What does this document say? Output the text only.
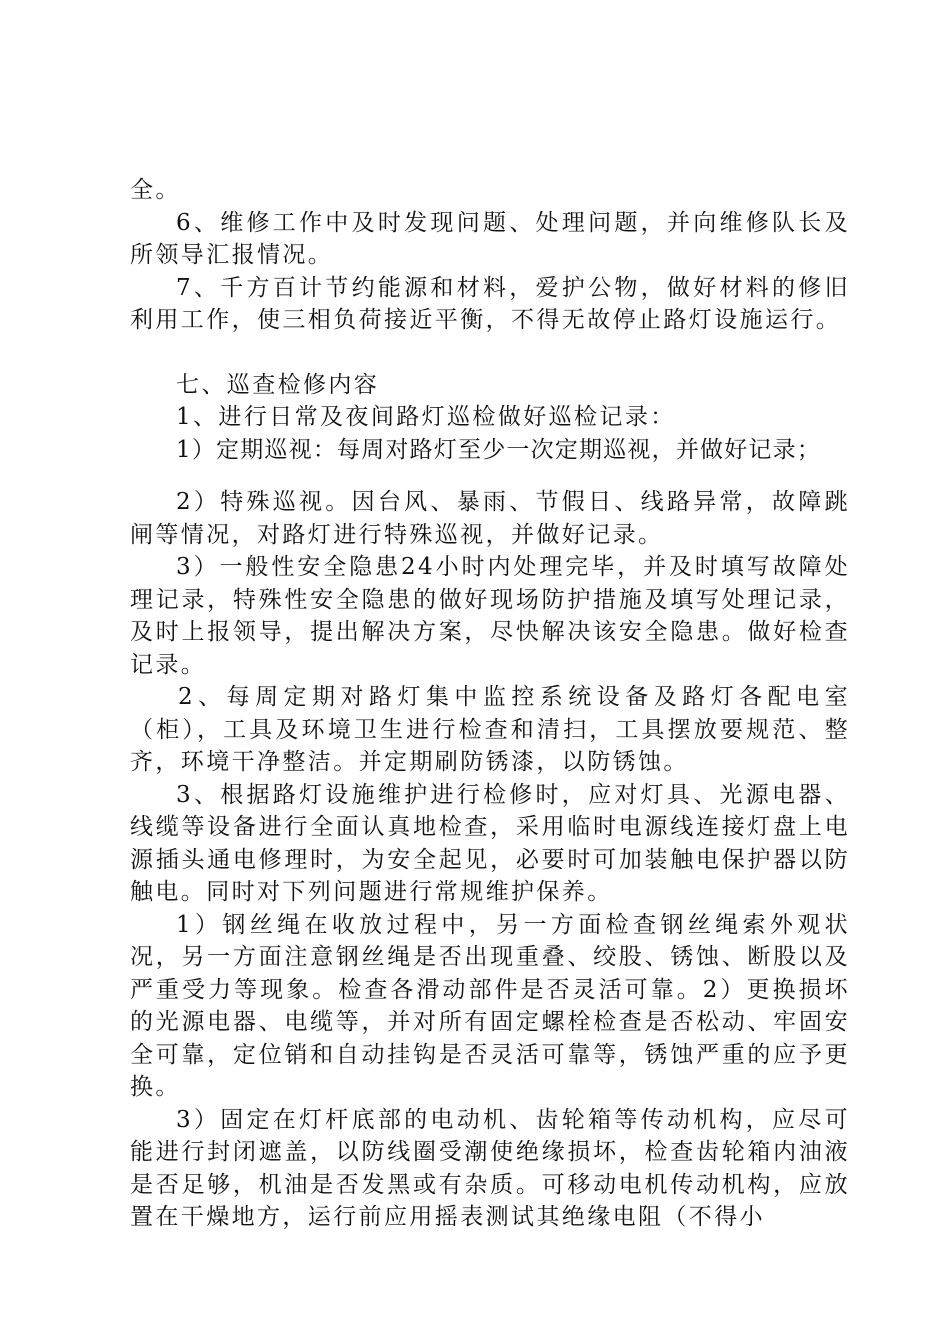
全。

6、维修工作中及时发现问题、处理问题，并向维修队长及所领导汇报情况。

7、千方百计节约能源和材料，爱护公物，做好材料的修旧利用工作，使三相负荷接近平衡，不得无故停止路灯设施运行。

七、巡查检修内容

1、进行日常及夜间路灯巡检做好巡检记录：

1）定期巡视：每周对路灯至少一次定期巡视，并做好记录；

2）特殊巡视。因台风、暴雨、节假日、线路异常，故障跳闸等情况，对路灯进行特殊巡视，并做好记录。

3）一般性安全隐患24小时内处理完毕，并及时填写故障处理记录，特殊性安全隐患的做好现场防护措施及填写处理记录，及时上报领导，提出解决方案，尽快解决该安全隐患。做好检查记录。

2、每周定期对路灯集中监控系统设备及路灯各配电室（柜），工具及环境卫生进行检查和清扫，工具摆放要规范、整齐，环境干净整洁。并定期刷防锈漆，以防锈蚀。

3、根据路灯设施维护进行检修时，应对灯具、光源电器、线缆等设备进行全面认真地检查，采用临时电源线连接灯盘上电源插头通电修理时，为安全起见，必要时可加装触电保护器以防触电。同时对下列问题进行常规维护保养。

1）钢丝绳在收放过程中，另一方面检查钢丝绳索外观状况，另一方面注意钢丝绳是否出现重叠、绞股、锈蚀、断股以及严重受力等现象。检查各滑动部件是否灵活可靠。2）更换损坏的光源电器、电缆等，并对所有固定螺栓检查是否松动、牢固安全可靠，定位销和自动挂钩是否灵活可靠等，锈蚀严重的应予更换。

3）固定在灯杆底部的电动机、齿轮箱等传动机构，应尽可能进行封闭遮盖，以防线圈受潮使绝缘损坏，检查齿轮箱内油液是否足够，机油是否发黑或有杂质。可移动电机传动机构，应放置在干燥地方，运行前应用摇表测试其绝缘电阻（不得小
